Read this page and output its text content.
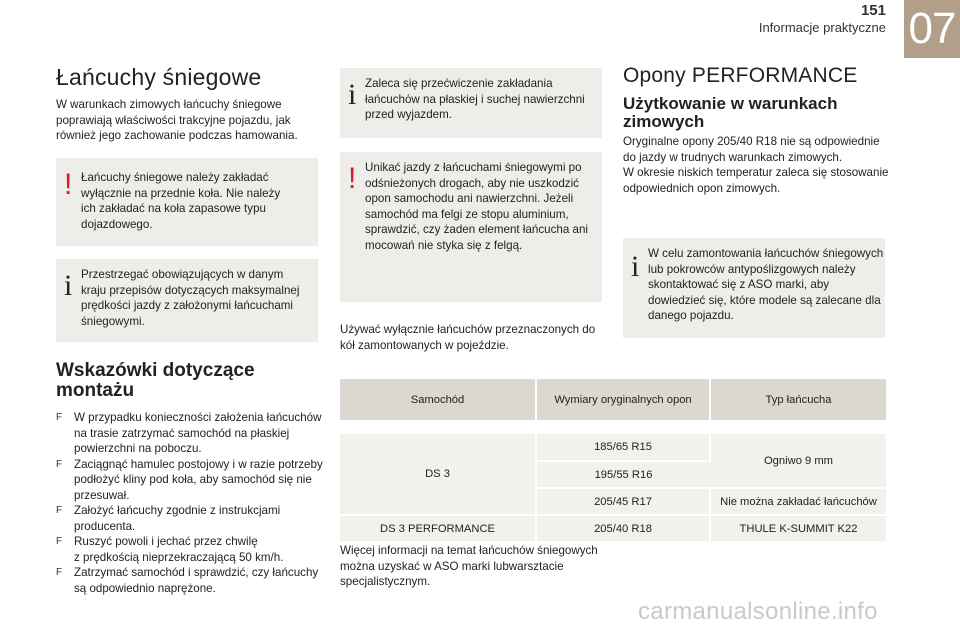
151
Informacje praktyczne 07
Łańcuchy śniegowe
W warunkach zimowych łańcuchy śniegowe
poprawiają właściwości trakcyjne pojazdu, jak
również jego zachowanie podczas hamowania.
! Łańcuchy śniegowe należy zakładać
wyłącznie na przednie koła. Nie należy
ich zakładać na koła zapasowe typu
dojazdowego.
i Przestrzegać obowiązujących w danym
kraju przepisów dotyczących maksymalnej
prędkości jazdy z założonymi łańcuchami
śniegowymi.
Wskazówki dotyczące
montażu
F W przypadku konieczności założenia łańcuchów
na trasie zatrzymać samochód na płaskiej
powierzchni na poboczu.
F Zaciągnąć hamulec postojowy i w razie potrzeby
podłożyć kliny pod koła, aby samochód się nie
przesuwał.
F Założyć łańcuchy zgodnie z instrukcjami
producenta.
F Ruszyć powoli i jechać przez chwilę
z prędkością nieprzekraczającą 50 km/h.
F Zatrzymać samochód i sprawdzić, czy łańcuchy
są odpowiednio naprężone.
i Zaleca się przećwiczenie zakładania
łańcuchów na płaskiej i suchej nawierzchni
przed wyjazdem.
! Unikać jazdy z łańcuchami śniegowymi po
odśnieżonych drogach, aby nie uszkodzić
opon samochodu ani nawierzchni. Jeżeli
samochód ma felgi ze stopu aluminium,
sprawdzić, czy żaden element łańcucha ani
mocowań nie styka się z felgą.
Używać wyłącznie łańcuchów przeznaczonych do
kół zamontowanych w pojeździe.
Samochód	Wymiary oryginalnych opon	Typ łańcucha

DS 3	185/65 R15	Ogniwo 9 mm
	195/55 R16	
	205/45 R17	Nie można zakładać łańcuchów
DS 3 PERFORMANCE	205/40 R18	THULE K-SUMMIT K22
Więcej informacji na temat łańcuchów śniegowych
można uzyskać w ASO marki lubwarsztacie
specjalistycznym.
Opony PERFORMANCE
Użytkowanie w warunkach
zimowych
Oryginalne opony 205/40 R18 nie są odpowiednie
do jazdy w trudnych warunkach zimowych.
W okresie niskich temperatur zaleca się stosowanie
odpowiednich opon zimowych.
i W celu zamontowania łańcuchów śniegowych
lub pokrowców antypoślizgowych należy
skontaktować się z ASO marki, aby
dowiedzieć się, które modele są zalecane dla
danego pojazdu.
carmanualsonline.info
